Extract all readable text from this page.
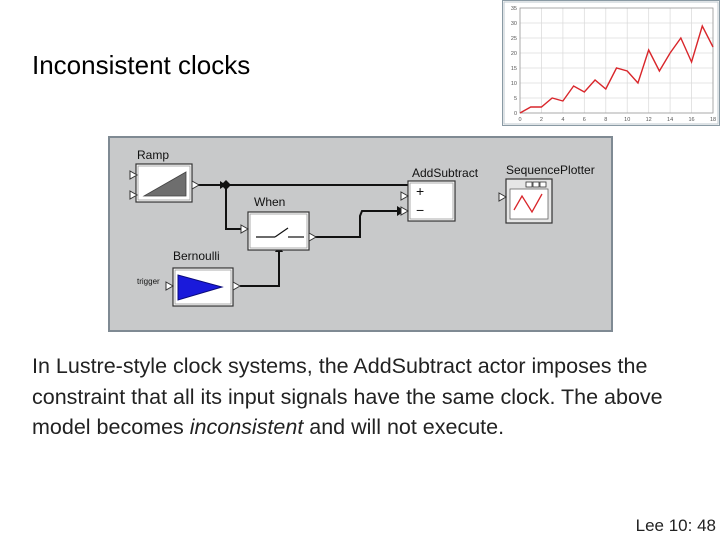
Inconsistent clocks
0
5
10
15
20
25
30
35
0	2	4	6	8	10	12	14	16	18
Ramp
When
AddSubtract
+
−
SequencePlotter
Bernoulli
trigger
In Lustre-style clock systems, the AddSubtract actor imposes the constraint that all its input signals have the same clock. The above model becomes inconsistent and will not execute.
Lee 10: 48
